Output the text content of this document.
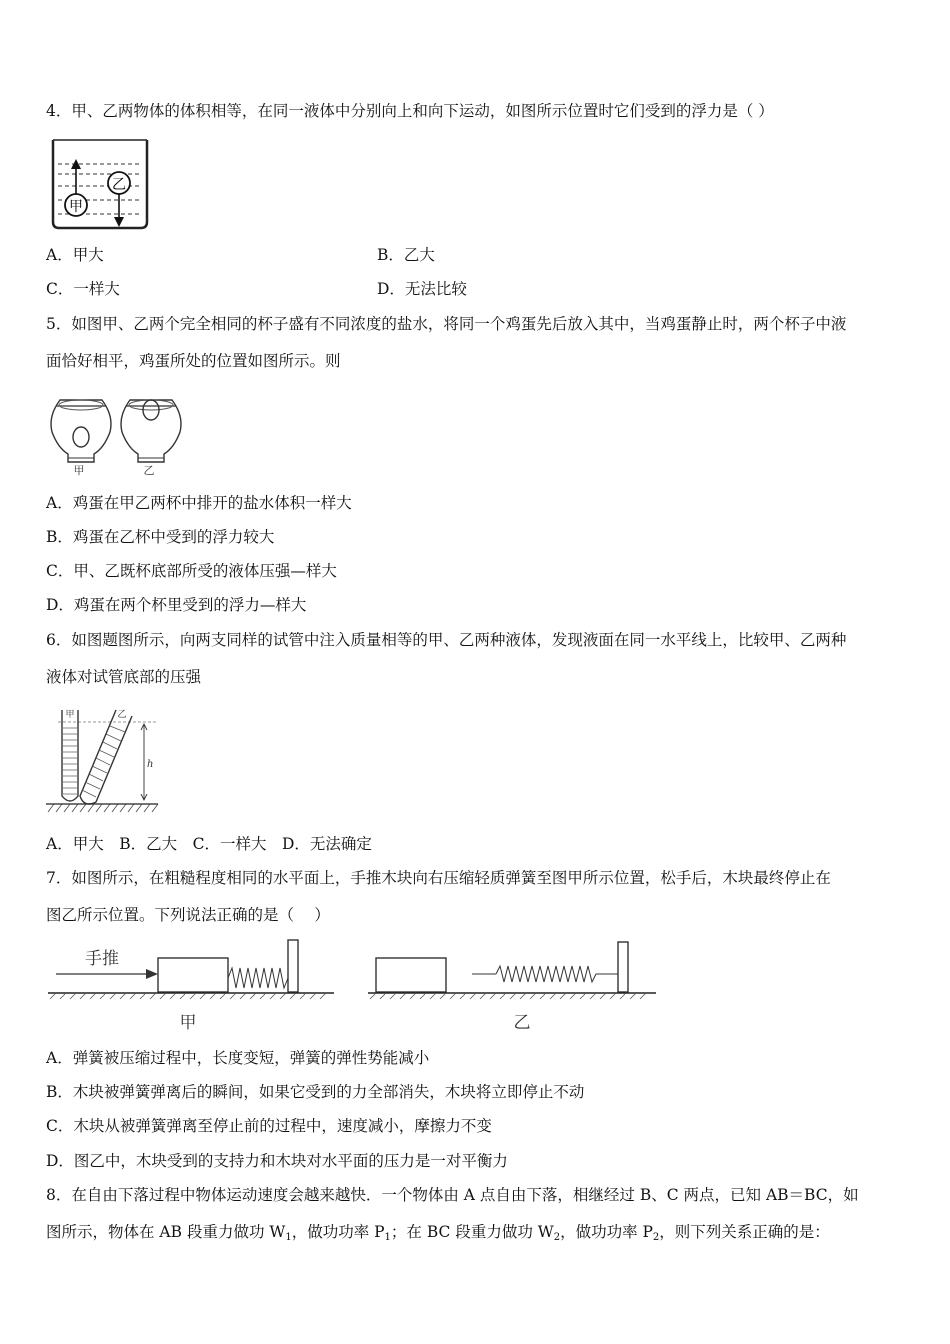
4．甲、乙两物体的体积相等，在同一液体中分别向上和向下运动，如图所示位置时它们受到的浮力是（ ）
甲
乙
A．甲大	B．乙大
C．一样大	D．无法比较
5．如图甲、乙两个完全相同的杯子盛有不同浓度的盐水，将同一个鸡蛋先后放入其中，当鸡蛋静止时，两个杯子中液
面恰好相平，鸡蛋所处的位置如图所示。则
甲	乙
A．鸡蛋在甲乙两杯中排开的盐水体积一样大
B．鸡蛋在乙杯中受到的浮力较大
C．甲、乙既杯底部所受的液体压强—样大
D．鸡蛋在两个杯里受到的浮力—样大
6．如图题图所示，向两支同样的试管中注入质量相等的甲、乙两种液体，发现液面在同一水平线上，比较甲、乙两种
液体对试管底部的压强
甲	乙
h
A．甲大　B．乙大　C．一样大　D．无法确定
7．如图所示，在粗糙程度相同的水平面上，手推木块向右压缩轻质弹簧至图甲所示位置，松手后，木块最终停止在
图乙所示位置。下列说法正确的是（　 ）
手推
甲	乙
A．弹簧被压缩过程中，长度变短，弹簧的弹性势能减小
B．木块被弹簧弹离后的瞬间，如果它受到的力全部消失，木块将立即停止不动
C．木块从被弹簧弹离至停止前的过程中，速度减小，摩擦力不变
D．图乙中，木块受到的支持力和木块对水平面的压力是一对平衡力
8．在自由下落过程中物体运动速度会越来越快．一个物体由 A 点自由下落，相继经过 B、C 两点，已知 AB＝BC，如
图所示，物体在 AB 段重力做功 $W_1$，做功功率 $P_1$；在 BC 段重力做功 $W_2$，做功功率 $P_2$，则下列关系正确的是：
